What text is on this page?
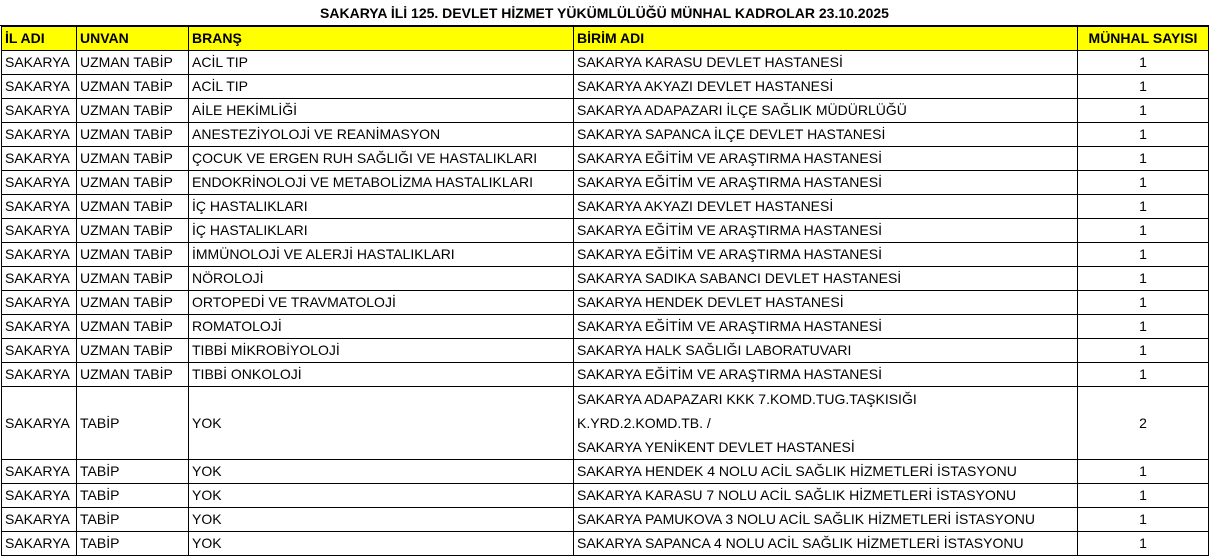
SAKARYA İLİ 125. DEVLET HİZMET YÜKÜMLÜLÜĞÜ MÜNHAL KADROLAR 23.10.2025
İL ADI	UNVAN	BRANŞ	BİRİM ADI	MÜNHAL SAYISI
SAKARYA	UZMAN TABİP	ACİL TIP	SAKARYA KARASU DEVLET HASTANESİ	1
SAKARYA	UZMAN TABİP	ACİL TIP	SAKARYA AKYAZI DEVLET HASTANESİ	1
SAKARYA	UZMAN TABİP	AİLE HEKİMLİĞİ	SAKARYA ADAPAZARI İLÇE SAĞLIK MÜDÜRLÜĞÜ	1
SAKARYA	UZMAN TABİP	ANESTEZİYOLOJİ VE REANİMASYON	SAKARYA SAPANCA İLÇE DEVLET HASTANESİ	1
SAKARYA	UZMAN TABİP	ÇOCUK VE ERGEN RUH SAĞLIĞI VE HASTALIKLARI	SAKARYA EĞİTİM VE ARAŞTIRMA HASTANESİ	1
SAKARYA	UZMAN TABİP	ENDOKRİNOLOJİ VE METABOLİZMA HASTALIKLARI	SAKARYA EĞİTİM VE ARAŞTIRMA HASTANESİ	1
SAKARYA	UZMAN TABİP	İÇ HASTALIKLARI	SAKARYA AKYAZI DEVLET HASTANESİ	1
SAKARYA	UZMAN TABİP	İÇ HASTALIKLARI	SAKARYA EĞİTİM VE ARAŞTIRMA HASTANESİ	1
SAKARYA	UZMAN TABİP	İMMÜNOLOJİ VE ALERJİ HASTALIKLARI	SAKARYA EĞİTİM VE ARAŞTIRMA HASTANESİ	1
SAKARYA	UZMAN TABİP	NÖROLOJİ	SAKARYA SADIKA SABANCI DEVLET HASTANESİ	1
SAKARYA	UZMAN TABİP	ORTOPEDİ VE TRAVMATOLOJİ	SAKARYA HENDEK DEVLET HASTANESİ	1
SAKARYA	UZMAN TABİP	ROMATOLOJİ	SAKARYA EĞİTİM VE ARAŞTIRMA HASTANESİ	1
SAKARYA	UZMAN TABİP	TIBBİ MİKROBİYOLOJİ	SAKARYA HALK SAĞLIĞI LABORATUVARI	1
SAKARYA	UZMAN TABİP	TIBBİ ONKOLOJİ	SAKARYA EĞİTİM VE ARAŞTIRMA HASTANESİ	1
SAKARYA	TABİP	YOK	SAKARYA ADAPAZARI KKK 7.KOMD.TUG.TAŞKISIĞI
K.YRD.2.KOMD.TB. /
SAKARYA YENİKENT DEVLET HASTANESİ	2
SAKARYA	TABİP	YOK	SAKARYA HENDEK 4 NOLU ACİL SAĞLIK HİZMETLERİ İSTASYONU	1
SAKARYA	TABİP	YOK	SAKARYA KARASU 7 NOLU ACİL SAĞLIK HİZMETLERİ İSTASYONU	1
SAKARYA	TABİP	YOK	SAKARYA PAMUKOVA 3 NOLU ACİL SAĞLIK HİZMETLERİ İSTASYONU	1
SAKARYA	TABİP	YOK	SAKARYA SAPANCA 4 NOLU ACİL SAĞLIK HİZMETLERİ İSTASYONU	1
